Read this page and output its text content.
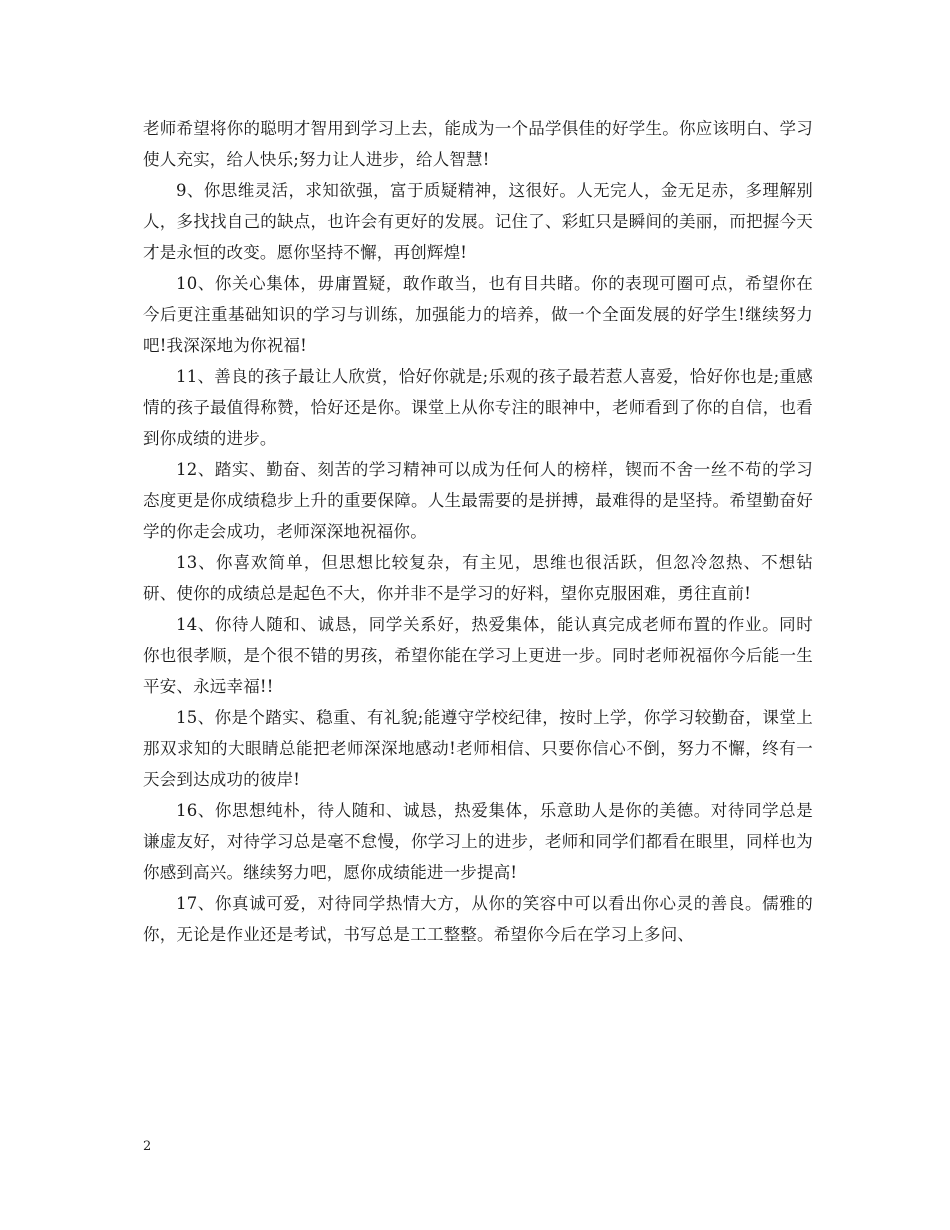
老师希望将你的聪明才智用到学习上去，能成为一个品学俱佳的好学生。你应该明白、学习使人充实，给人快乐;努力让人进步，给人智慧!

9、你思维灵活，求知欲强，富于质疑精神，这很好。人无完人，金无足赤，多理解别人，多找找自己的缺点，也许会有更好的发展。记住了、彩虹只是瞬间的美丽，而把握今天才是永恒的改变。愿你坚持不懈，再创辉煌!

10、你关心集体，毋庸置疑，敢作敢当，也有目共睹。你的表现可圈可点，希望你在今后更注重基础知识的学习与训练，加强能力的培养，做一个全面发展的好学生!继续努力吧!我深深地为你祝福!

11、善良的孩子最让人欣赏，恰好你就是;乐观的孩子最若惹人喜爱，恰好你也是;重感情的孩子最值得称赞，恰好还是你。课堂上从你专注的眼神中，老师看到了你的自信，也看到你成绩的进步。

12、踏实、勤奋、刻苦的学习精神可以成为任何人的榜样，锲而不舍一丝不苟的学习态度更是你成绩稳步上升的重要保障。人生最需要的是拼搏，最难得的是坚持。希望勤奋好学的你走会成功，老师深深地祝福你。

13、你喜欢简单，但思想比较复杂，有主见，思维也很活跃，但忽冷忽热、不想钻研、使你的成绩总是起色不大，你并非不是学习的好料，望你克服困难，勇往直前!

14、你待人随和、诚恳，同学关系好，热爱集体，能认真完成老师布置的作业。同时你也很孝顺，是个很不错的男孩，希望你能在学习上更进一步。同时老师祝福你今后能一生平安、永远幸福!!

15、你是个踏实、稳重、有礼貌;能遵守学校纪律，按时上学，你学习较勤奋，课堂上那双求知的大眼睛总能把老师深深地感动!老师相信、只要你信心不倒，努力不懈，终有一天会到达成功的彼岸!

16、你思想纯朴，待人随和、诚恳，热爱集体，乐意助人是你的美德。对待同学总是谦虚友好，对待学习总是毫不怠慢，你学习上的进步，老师和同学们都看在眼里，同样也为你感到高兴。继续努力吧，愿你成绩能进一步提高!

17、你真诚可爱，对待同学热情大方，从你的笑容中可以看出你心灵的善良。儒雅的你，无论是作业还是考试，书写总是工工整整。希望你今后在学习上多问、

2
